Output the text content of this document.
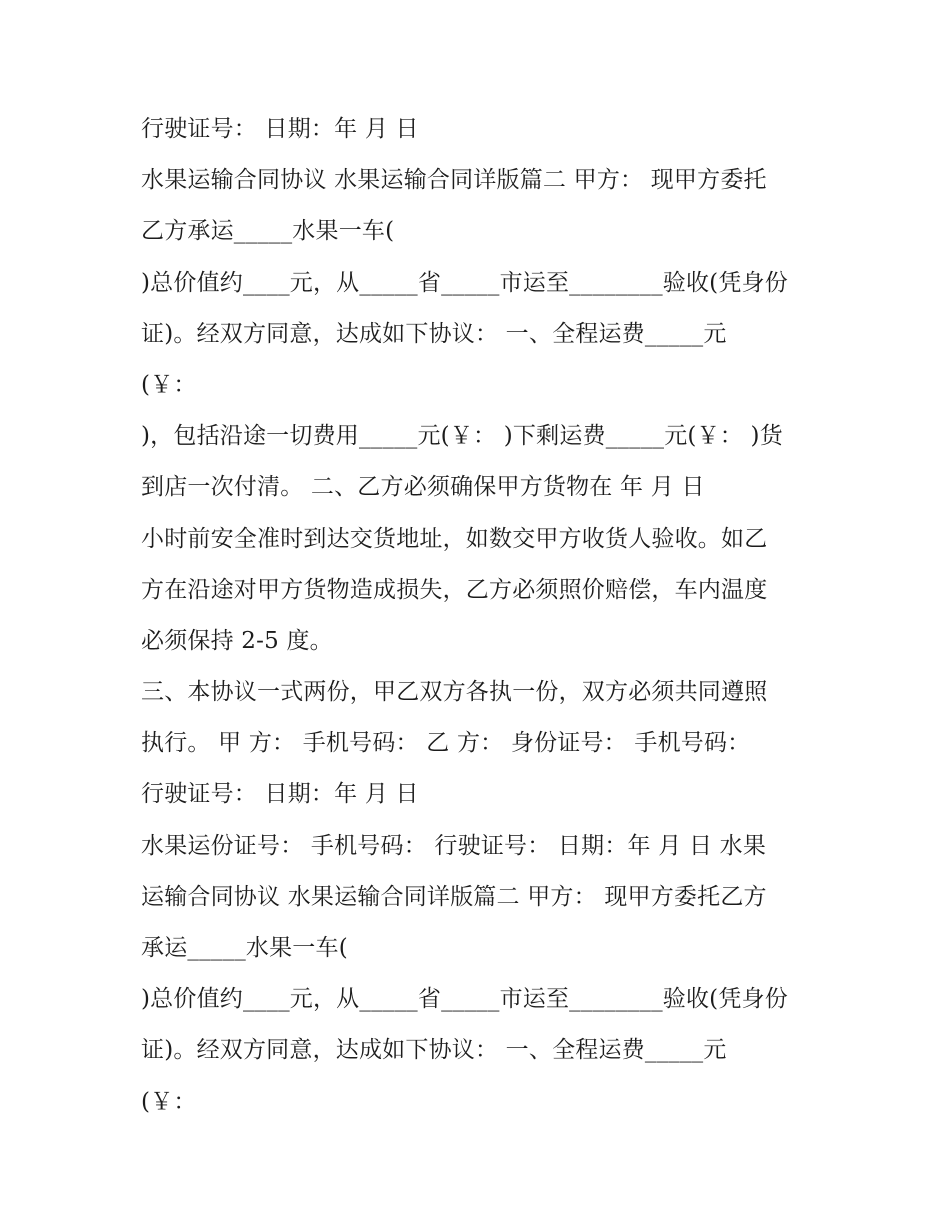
行驶证号： 日期：年 月 日
水果运输合同协议 水果运输合同详版篇二 甲方： 现甲方委托
乙方承运_____水果一车(
)总价值约____元，从_____省_____市运至________验收(凭身份
证)。经双方同意，达成如下协议： 一、全程运费_____元
(￥：
)，包括沿途一切费用_____元(￥： )下剩运费_____元(￥： )货
到店一次付清。 二、乙方必须确保甲方货物在 年 月 日
小时前安全准时到达交货地址，如数交甲方收货人验收。如乙
方在沿途对甲方货物造成损失，乙方必须照价赔偿，车内温度
必须保持 2-5 度。
三、本协议一式两份，甲乙双方各执一份，双方必须共同遵照
执行。 甲 方： 手机号码： 乙 方： 身份证号： 手机号码：
行驶证号： 日期：年 月 日
水果运份证号： 手机号码： 行驶证号： 日期：年 月 日 水果
运输合同协议 水果运输合同详版篇二 甲方： 现甲方委托乙方
承运_____水果一车(
)总价值约____元，从_____省_____市运至________验收(凭身份
证)。经双方同意，达成如下协议： 一、全程运费_____元
(￥：
